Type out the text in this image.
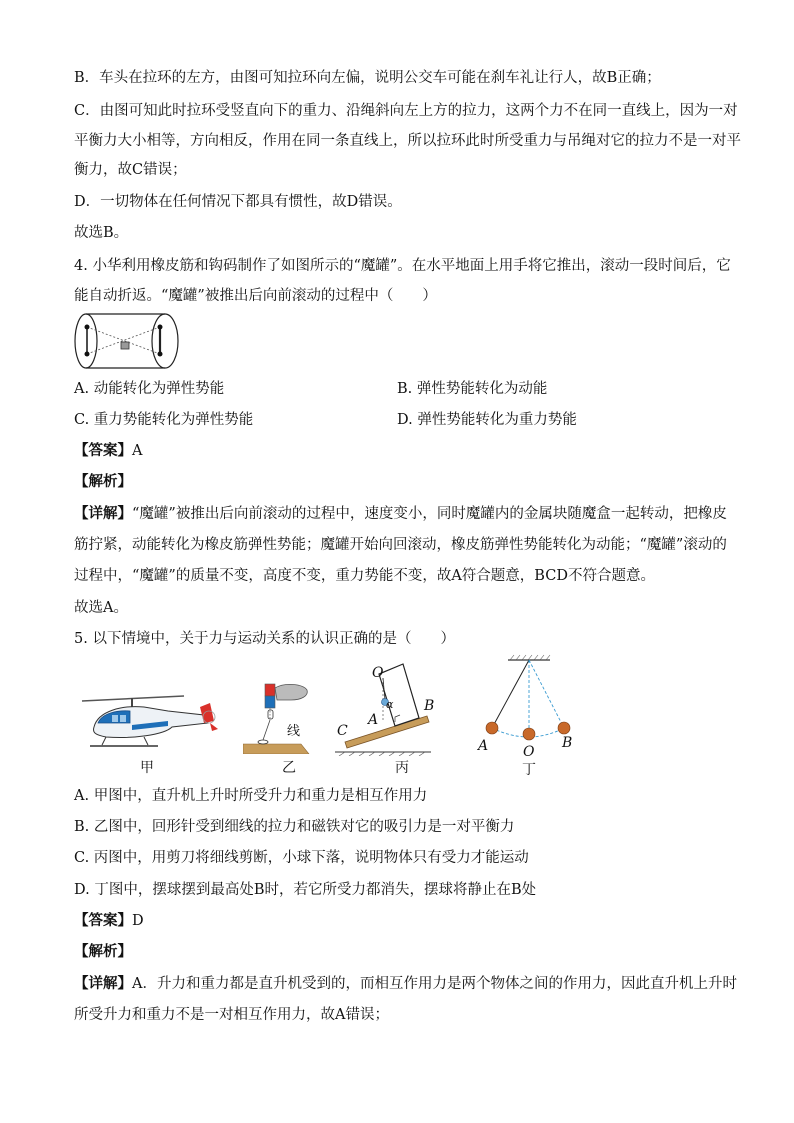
B．车头在拉环的左方，由图可知拉环向左偏，说明公交车可能在刹车礼让行人，故B正确；
C．由图可知此时拉环受竖直向下的重力、沿绳斜向左上方的拉力，这两个力不在同一直线上，因为一对
平衡力大小相等，方向相反，作用在同一条直线上，所以拉环此时所受重力与吊绳对它的拉力不是一对平
衡力，故C错误；
D．一切物体在任何情况下都具有惯性，故D错误。
故选B。
4. 小华利用橡皮筋和钩码制作了如图所示的“魔罐”。在水平地面上用手将它推出，滚动一段时间后，它
能自动折返。“魔罐”被推出后向前滚动的过程中（　　）
A. 动能转化为弹性势能	B. 弹性势能转化为动能
C. 重力势能转化为弹性势能	D. 弹性势能转化为重力势能
【答案】A
【解析】
【详解】“魔罐”被推出后向前滚动的过程中，速度变小，同时魔罐内的金属块随魔盒一起转动，把橡皮
筋拧紧，动能转化为橡皮筋弹性势能；魔罐开始向回滚动，橡皮筋弹性势能转化为动能；“魔罐”滚动的
过程中，“魔罐”的质量不变，高度不变，重力势能不变，故A符合题意，BCD不符合题意。
故选A。
5. 以下情境中，关于力与运动关系的认识正确的是（　　）
甲
N
线
乙
O
α
A
B
C
丙
A O
B
丁
A. 甲图中，直升机上升时所受升力和重力是相互作用力
B. 乙图中，回形针受到细线的拉力和磁铁对它的吸引力是一对平衡力
C. 丙图中，用剪刀将细线剪断，小球下落，说明物体只有受力才能运动
D. 丁图中，摆球摆到最高处B时，若它所受力都消失，摆球将静止在B处
【答案】D
【解析】
【详解】A．升力和重力都是直升机受到的，而相互作用力是两个物体之间的作用力，因此直升机上升时
所受升力和重力不是一对相互作用力，故A错误；
